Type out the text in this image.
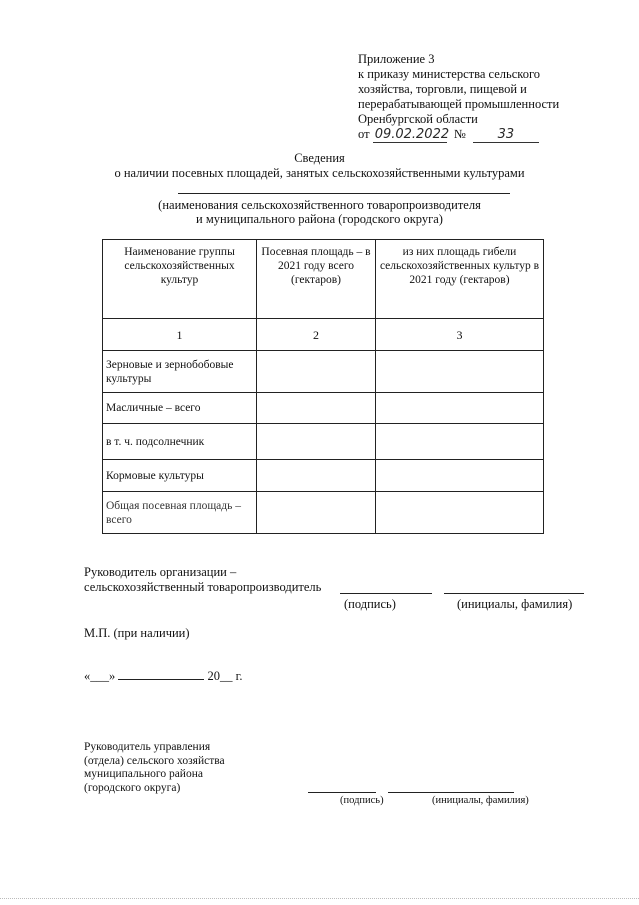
Приложение 3
к приказу министерства сельского
хозяйства, торговли, пищевой и
перерабатывающей промышленности
Оренбургской области
от 09.02.2022 № 33
Сведения
о наличии посевных площадей, занятых сельскохозяйственными культурами
(наименования сельскохозяйственного товаропроизводителя
и муниципального района (городского округа)
Наименование группы сельскохозяйственных культур	Посевная площадь – в 2021 году всего (гектаров)	из них площадь гибели сельскохозяйственных культур в 2021 году (гектаров)
1	2	3
Зерновые и зернобобовые культуры		
Масличные – всего		
в т. ч. подсолнечник		
Кормовые культуры		
Общая посевная площадь – всего		
Руководитель организации –
сельскохозяйственный товаропроизводитель
(подпись)	(инициалы, фамилия)
М.П. (при наличии)
«___»	20__ г.
Руководитель управления
(отдела) сельского хозяйства
муниципального района
(городского округа)
(подпись)	(инициалы, фамилия)
